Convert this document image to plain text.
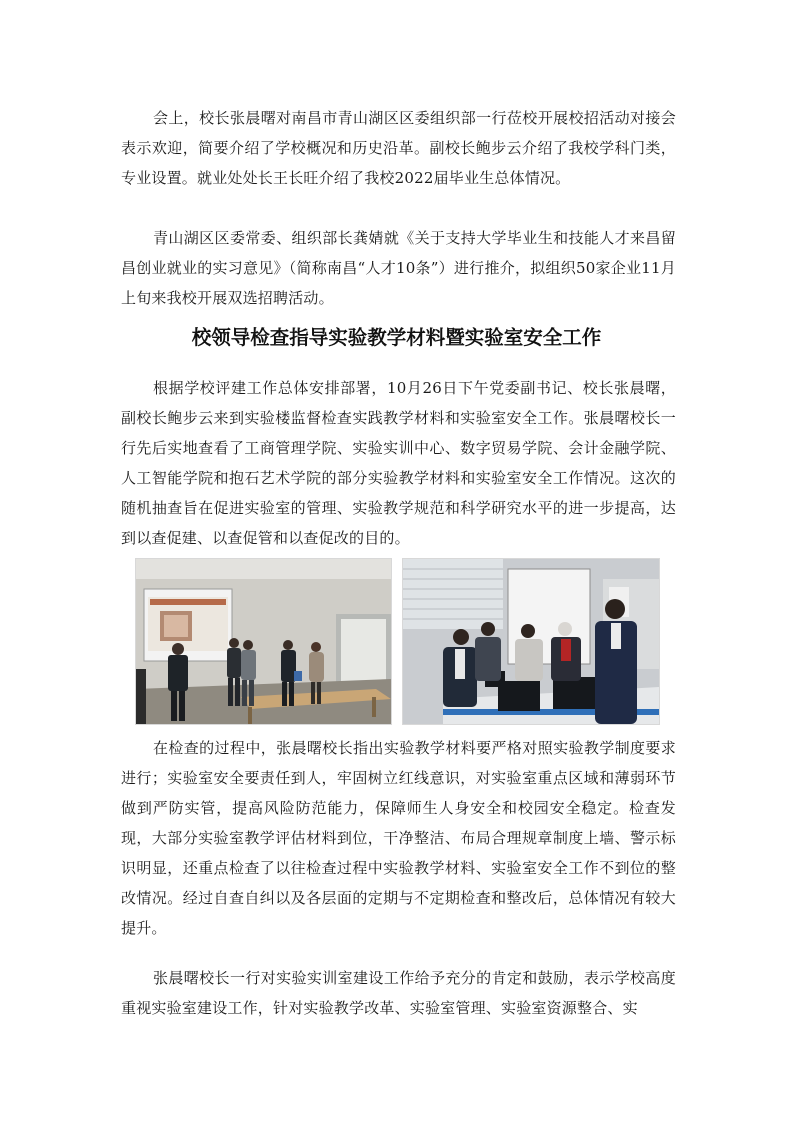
会上，校长张晨曙对南昌市青山湖区区委组织部一行莅校开展校招活动对接会表示欢迎，简要介绍了学校概况和历史沿革。副校长鲍步云介绍了我校学科门类，专业设置。就业处处长王长旺介绍了我校2022届毕业生总体情况。

青山湖区区委常委、组织部长龚婧就《关于支持大学毕业生和技能人才来昌留昌创业就业的实习意见》（简称南昌“人才10条”）进行推介，拟组织50家企业11月上旬来我校开展双选招聘活动。

校领导检查指导实验教学材料暨实验室安全工作

根据学校评建工作总体安排部署，10月26日下午党委副书记、校长张晨曙，副校长鲍步云来到实验楼监督检查实践教学材料和实验室安全工作。张晨曙校长一行先后实地查看了工商管理学院、实验实训中心、数字贸易学院、会计金融学院、人工智能学院和抱石艺术学院的部分实验教学材料和实验室安全工作情况。这次的随机抽查旨在促进实验室的管理、实验教学规范和科学研究水平的进一步提高，达到以查促建、以查促管和以查促改的目的。

在检查的过程中，张晨曙校长指出实验教学材料要严格对照实验教学制度要求进行；实验室安全要责任到人，牢固树立红线意识，对实验室重点区域和薄弱环节做到严防实管，提高风险防范能力，保障师生人身安全和校园安全稳定。检查发现，大部分实验室教学评估材料到位，干净整洁、布局合理规章制度上墙、警示标识明显，还重点检查了以往检查过程中实验教学材料、实验室安全工作不到位的整改情况。经过自查自纠以及各层面的定期与不定期检查和整改后，总体情况有较大提升。

张晨曙校长一行对实验实训室建设工作给予充分的肯定和鼓励，表示学校高度重视实验室建设工作，针对实验教学改革、实验室管理、实验室资源整合、实
